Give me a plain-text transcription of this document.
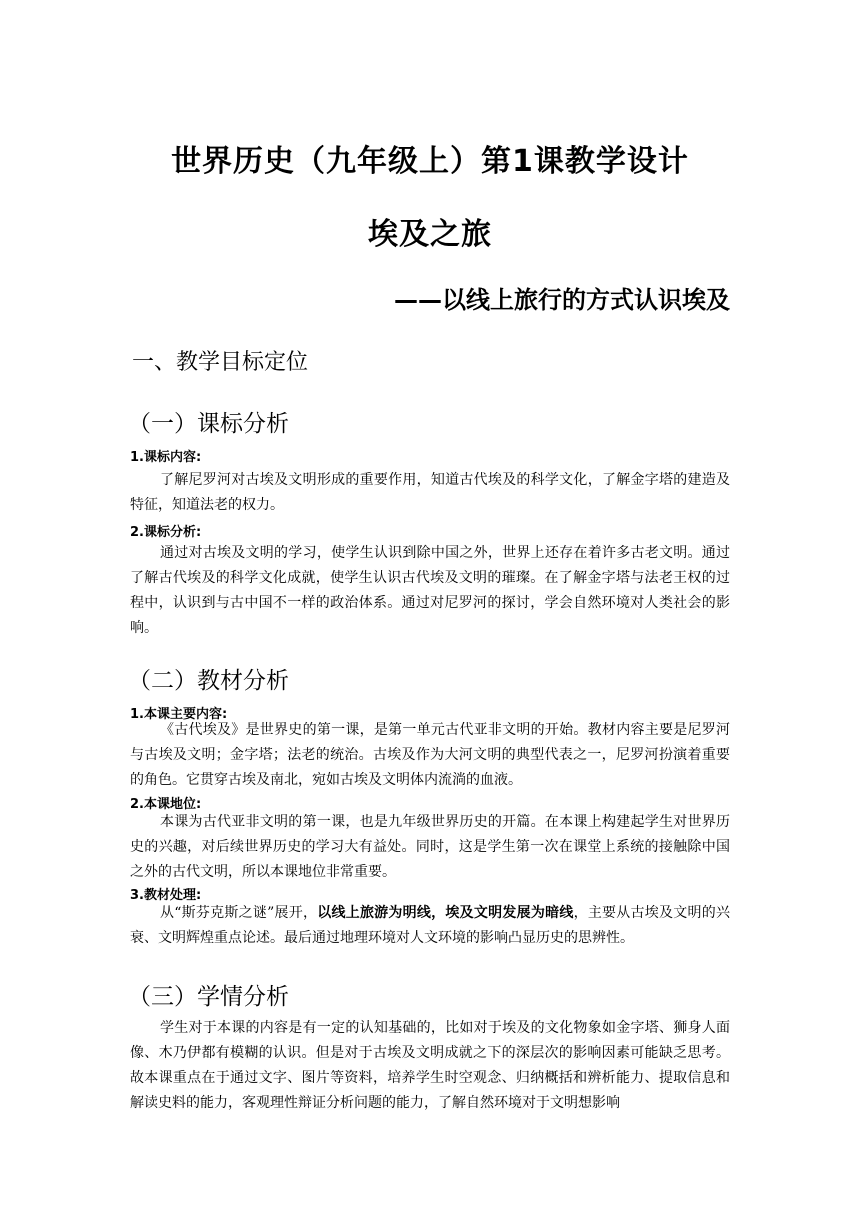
世界历史（九年级上）第1课教学设计
埃及之旅
——以线上旅行的方式认识埃及
一、教学目标定位
（一）课标分析
1.课标内容:
了解尼罗河对古埃及文明形成的重要作用，知道古代埃及的科学文化，了解金字塔的建造及特征，知道法老的权力。
2.课标分析:
通过对古埃及文明的学习，使学生认识到除中国之外，世界上还存在着许多古老文明。通过了解古代埃及的科学文化成就，使学生认识古代埃及文明的璀璨。在了解金字塔与法老王权的过程中，认识到与古中国不一样的政治体系。通过对尼罗河的探讨，学会自然环境对人类社会的影响。
（二）教材分析
1.本课主要内容:
《古代埃及》是世界史的第一课，是第一单元古代亚非文明的开始。教材内容主要是尼罗河与古埃及文明；金字塔；法老的统治。古埃及作为大河文明的典型代表之一，尼罗河扮演着重要的角色。它贯穿古埃及南北，宛如古埃及文明体内流淌的血液。
2.本课地位:
本课为古代亚非文明的第一课，也是九年级世界历史的开篇。在本课上构建起学生对世界历史的兴趣，对后续世界历史的学习大有益处。同时，这是学生第一次在课堂上系统的接触除中国之外的古代文明，所以本课地位非常重要。
3.教材处理:
从“斯芬克斯之谜”展开，以线上旅游为明线，埃及文明发展为暗线，主要从古埃及文明的兴衰、文明辉煌重点论述。最后通过地理环境对人文环境的影响凸显历史的思辨性。
（三）学情分析
学生对于本课的内容是有一定的认知基础的，比如对于埃及的文化物象如金字塔、狮身人面像、木乃伊都有模糊的认识。但是对于古埃及文明成就之下的深层次的影响因素可能缺乏思考。故本课重点在于通过文字、图片等资料，培养学生时空观念、归纳概括和辨析能力、提取信息和解读史料的能力，客观理性辩证分析问题的能力，了解自然环境对于文明想影响
